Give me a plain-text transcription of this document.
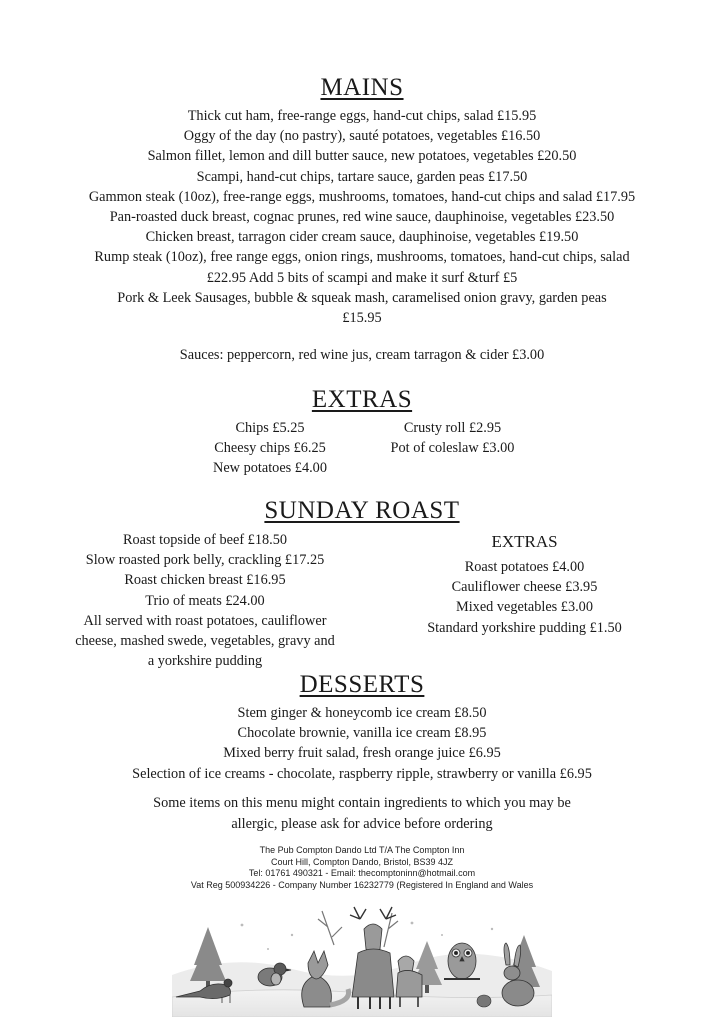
MAINS
Thick cut ham, free-range eggs, hand-cut chips, salad £15.95
Oggy of the day (no pastry), sauté potatoes, vegetables £16.50
Salmon fillet, lemon and dill butter sauce, new potatoes, vegetables £20.50
Scampi, hand-cut chips, tartare sauce, garden peas £17.50
Gammon steak (10oz), free-range eggs, mushrooms, tomatoes, hand-cut chips and salad £17.95
Pan-roasted duck breast, cognac prunes, red wine sauce, dauphinoise, vegetables £23.50
Chicken breast, tarragon cider cream sauce, dauphinoise, vegetables £19.50
Rump steak (10oz), free range eggs, onion rings, mushrooms, tomatoes, hand-cut chips, salad
£22.95 Add 5 bits of scampi and make it surf &turf £5
Pork & Leek Sausages, bubble & squeak mash, caramelised onion gravy, garden peas
£15.95
Sauces: peppercorn, red wine jus, cream tarragon & cider £3.00
EXTRAS
Chips £5.25
Cheesy chips £6.25
New potatoes £4.00
Crusty roll £2.95
Pot of coleslaw £3.00
SUNDAY ROAST
Roast topside of beef £18.50
Slow roasted pork belly, crackling £17.25
Roast chicken breast £16.95
Trio of meats £24.00
All served with roast potatoes, cauliflower
cheese, mashed swede, vegetables, gravy and
a yorkshire pudding
EXTRAS
Roast potatoes £4.00
Cauliflower cheese £3.95
Mixed vegetables £3.00
Standard yorkshire pudding £1.50
DESSERTS
Stem ginger & honeycomb ice cream £8.50
Chocolate brownie, vanilla ice cream £8.95
Mixed berry fruit salad, fresh orange juice £6.95
Selection of ice creams - chocolate, raspberry ripple, strawberry or vanilla £6.95
Some items on this menu might contain ingredients to which you may be
allergic, please ask for advice before ordering
The Pub Compton Dando Ltd T/A The Compton Inn
Court Hill, Compton Dando, Bristol, BS39 4JZ
Tel: 01761 490321 - Email: thecomptoninn@hotmail.com
Vat Reg 500934226 - Company Number 16232779 (Registered In England and Wales
